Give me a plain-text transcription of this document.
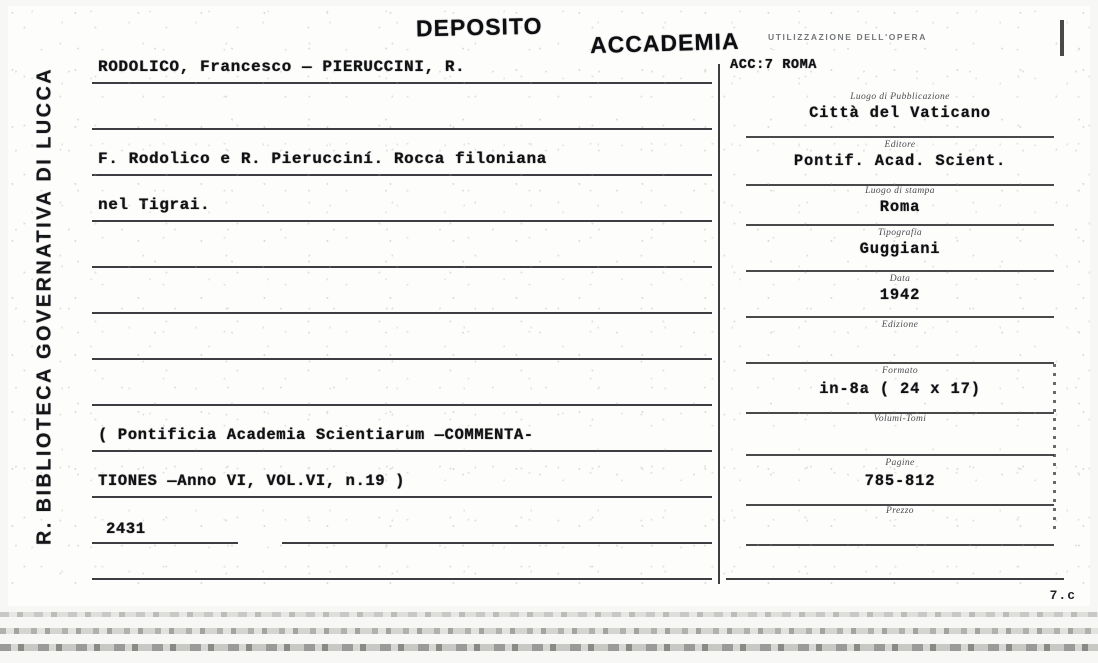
R. BIBLIOTECA GOVERNATIVA DI LUCCA
UTILIZZAZIONE DELL'OPERA
DEPOSITO
ACCADEMIA
ACC:7 ROMA
RODOLICO, Francesco — PIERUCCINI, R.
F. Rodolico e R. Pierucciní. Rocca filoniana
nel Tigrai.
( Pontificia Academia Scientiarum —COMMENTA-
TIONES —Anno VI, VOL.VI, n.19 )
2431
Luogo di Pubblicazione
Città del Vaticano
Editore
Pontif. Acad. Scient.
Luogo di stampa
Roma
Tipografia
Guggiani
Data
1942
Edizione
Formato
in-8a ( 24 x 17)
Volumi-Tomi
Pagine
785-812
Prezzo
7.c
